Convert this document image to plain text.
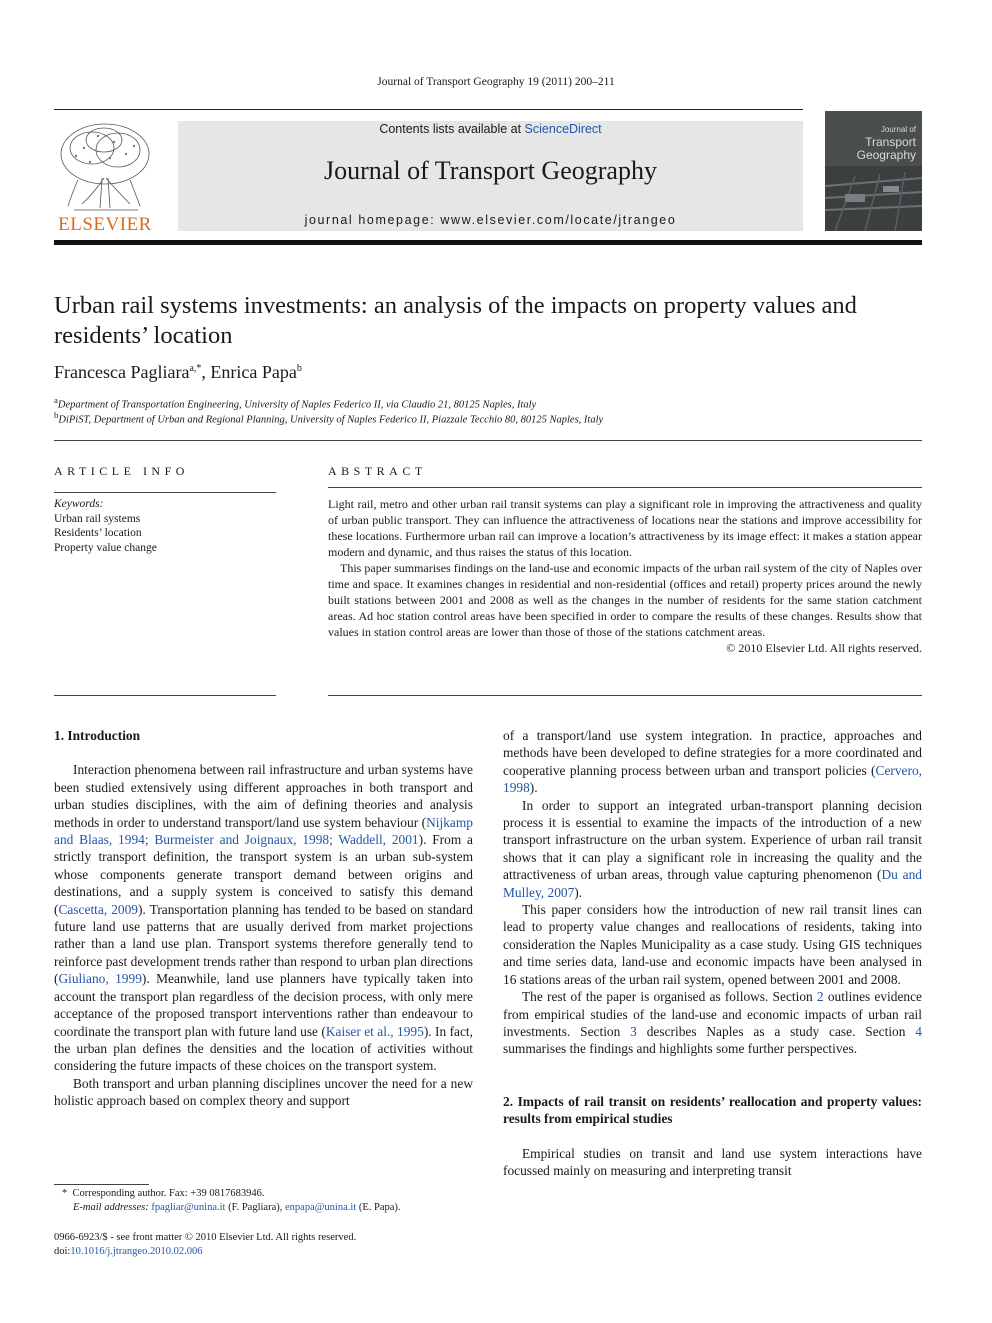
Journal of Transport Geography 19 (2011) 200–211
ELSEVIER
Contents lists available at ScienceDirect
Journal of Transport Geography
journal homepage: www.elsevier.com/locate/jtrangeo
Journal of
Transport
Geography
Urban rail systems investments: an analysis of the impacts on property values and residents’ location
Francesca Pagliara$^{a,*}$, Enrica Papa$^b$
$^a$Department of Transportation Engineering, University of Naples Federico II, via Claudio 21, 80125 Naples, Italy
$^b$DiPiST, Department of Urban and Regional Planning, University of Naples Federico II, Piazzale Tecchio 80, 80125 Naples, Italy
ARTICLE INFO
Keywords:
Urban rail systems
Residents’ location
Property value change
ABSTRACT

Light rail, metro and other urban rail transit systems can play a significant role in improving the attractiveness and quality of urban public transport. They can influence the attractiveness of locations near the stations and improve accessibility for these locations. Furthermore urban rail can improve a location’s attractiveness by its image effect: it makes a station appear modern and dynamic, and thus raises the status of this location.

This paper summarises findings on the land-use and economic impacts of the urban rail system of the city of Naples over time and space. It examines changes in residential and non-residential (offices and retail) property prices around the newly built stations between 2001 and 2008 as well as the changes in the number of residents for the same station catchment areas. Ad hoc station control areas have been specified in order to compare the results of these changes. Results show that values in station control areas are lower than those of those of the stations catchment areas.

© 2010 Elsevier Ltd. All rights reserved.
1. Introduction

Interaction phenomena between rail infrastructure and urban systems have been studied extensively using different approaches in both transport and urban studies disciplines, with the aim of defining theories and analysis methods in order to understand transport/land use system behaviour (Nijkamp and Blaas, 1994; Burmeister and Joignaux, 1998; Waddell, 2001). From a strictly transport definition, the transport system is an urban sub-system whose components generate transport demand between origins and destinations, and a supply system is conceived to satisfy this demand (Cascetta, 2009). Transportation planning has tended to be based on standard future land use patterns that are usually derived from market projections rather than a land use plan. Transport systems therefore generally tend to reinforce past development trends rather than respond to urban plan directions (Giuliano, 1999). Meanwhile, land use planners have typically taken into account the transport plan regardless of the decision process, with only mere acceptance of the proposed transport interventions rather than endeavour to coordinate the transport plan with future land use (Kaiser et al., 1995). In fact, the urban plan defines the densities and the location of activities without considering the future impacts of these choices on the transport system.

Both transport and urban planning disciplines uncover the need for a new holistic approach based on complex theory and support

of a transport/land use system integration. In practice, approaches and methods have been developed to define strategies for a more coordinated and cooperative planning process between urban and transport policies (Cervero, 1998).

In order to support an integrated urban-transport planning decision process it is essential to examine the impacts of the introduction of a new transport infrastructure on the urban system. Experience of urban rail transit shows that it can play a significant role in increasing the quality and the attractiveness of urban areas, through value capturing phenomenon (Du and Mulley, 2007).

This paper considers how the introduction of new rail transit lines can lead to property value changes and reallocations of residents, taking into consideration the Naples Municipality as a case study. Using GIS techniques and time series data, land-use and economic impacts have been analysed in 16 stations areas of the urban rail system, opened between 2001 and 2008.

The rest of the paper is organised as follows. Section 2 outlines evidence from empirical studies of the land-use and economic impacts of urban rail investments. Section 3 describes Naples as a study case. Section 4 summarises the findings and highlights some further perspectives.

2. Impacts of rail transit on residents’ reallocation and property values: results from empirical studies

Empirical studies on transit and land use system interactions have focussed mainly on measuring and interpreting transit

* Corresponding author. Fax: +39 0817683946.
E-mail addresses: fpagliar@unina.it (F. Pagliara), enpapa@unina.it (E. Papa).
0966-6923/$ - see front matter © 2010 Elsevier Ltd. All rights reserved.
doi:10.1016/j.jtrangeo.2010.02.006
